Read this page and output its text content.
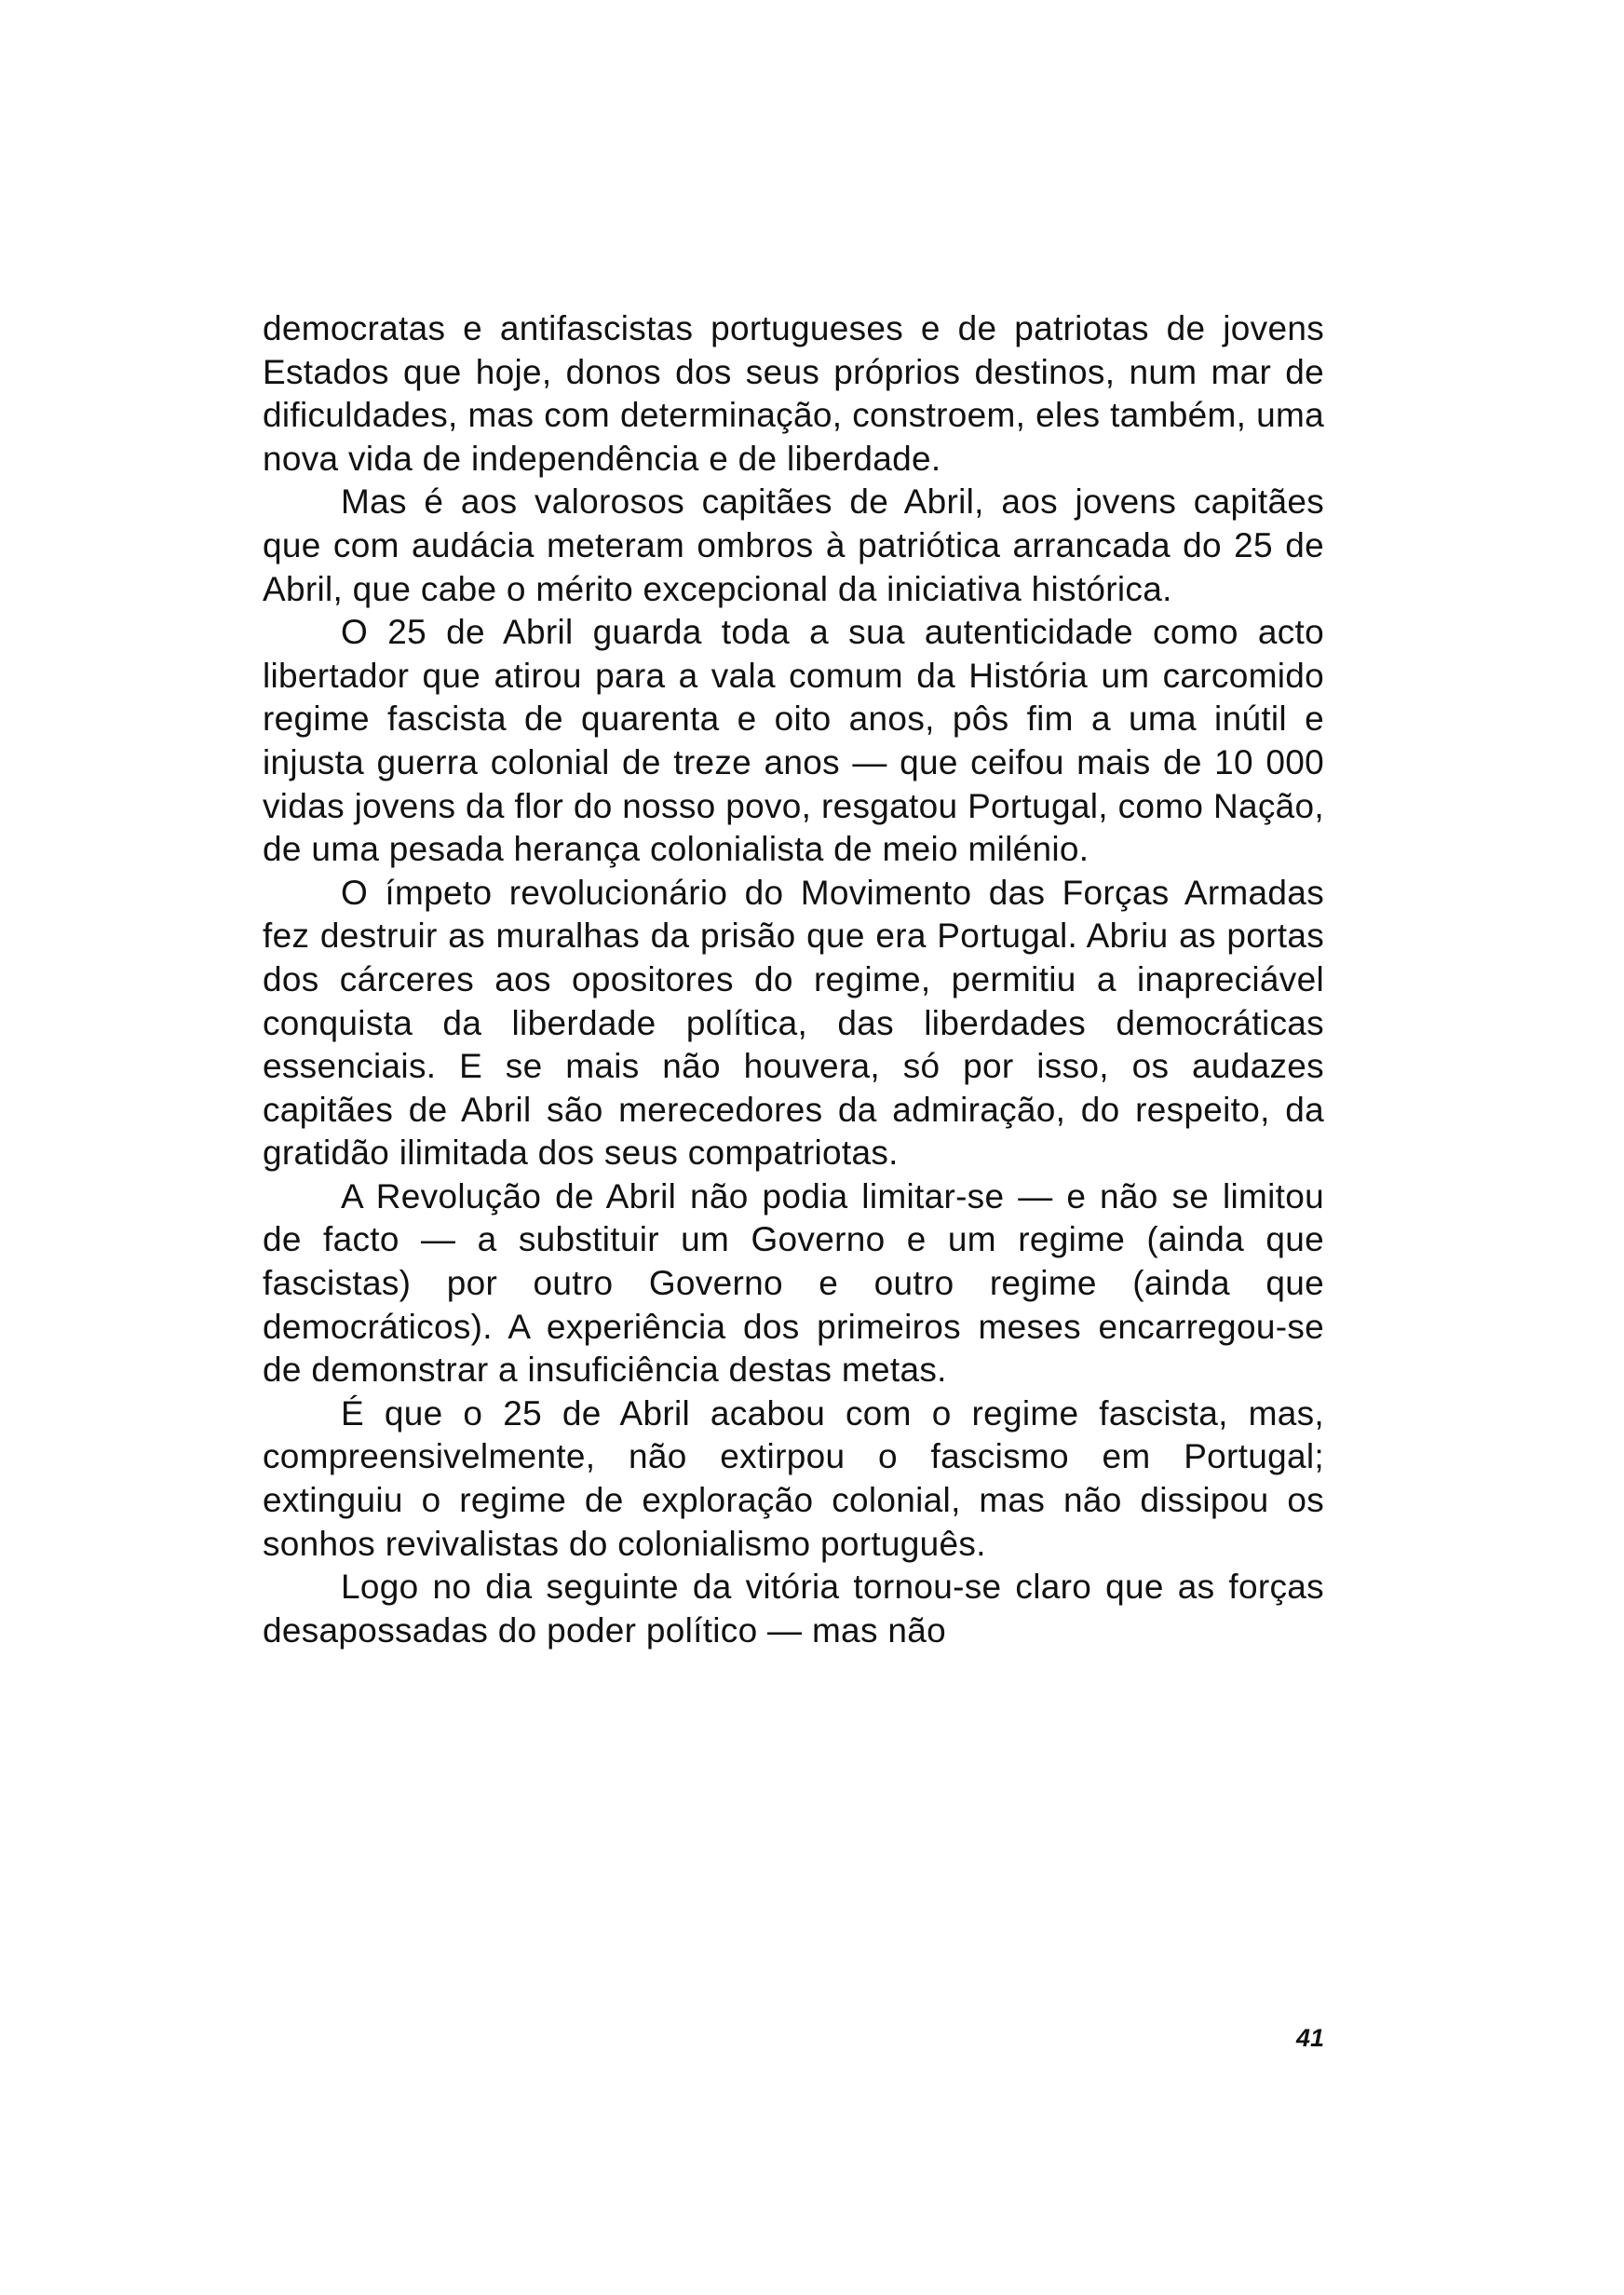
democratas e antifascistas portugueses e de patriotas de jovens Estados que hoje, donos dos seus próprios destinos, num mar de dificuldades, mas com determinação, constroem, eles também, uma nova vida de independência e de liberdade.

Mas é aos valorosos capitães de Abril, aos jovens capitães que com audácia meteram ombros à patriótica arrancada do 25 de Abril, que cabe o mérito excepcional da iniciativa histórica.

O 25 de Abril guarda toda a sua autenticidade como acto libertador que atirou para a vala comum da História um carcomido regime fascista de quarenta e oito anos, pôs fim a uma inútil e injusta guerra colonial de treze anos — que ceifou mais de 10 000 vidas jovens da flor do nosso povo, resgatou Portugal, como Nação, de uma pesada herança colonialista de meio milénio.

O ímpeto revolucionário do Movimento das Forças Armadas fez destruir as muralhas da prisão que era Portugal. Abriu as portas dos cárceres aos opositores do regime, permitiu a inapreciável conquista da liberdade política, das liberdades democráticas essenciais. E se mais não houvera, só por isso, os audazes capitães de Abril são merecedores da admiração, do respeito, da gratidão ilimitada dos seus compatriotas.

A Revolução de Abril não podia limitar-se — e não se limitou de facto — a substituir um Governo e um regime (ainda que fascistas) por outro Governo e outro regime (ainda que democráticos). A experiência dos primeiros meses encarregou-se de demonstrar a insuficiência destas metas.

É que o 25 de Abril acabou com o regime fascista, mas, compreensivelmente, não extirpou o fascismo em Portugal; extinguiu o regime de exploração colonial, mas não dissipou os sonhos revivalistas do colonialismo português.

Logo no dia seguinte da vitória tornou-se claro que as forças desapossadas do poder político — mas não

41
